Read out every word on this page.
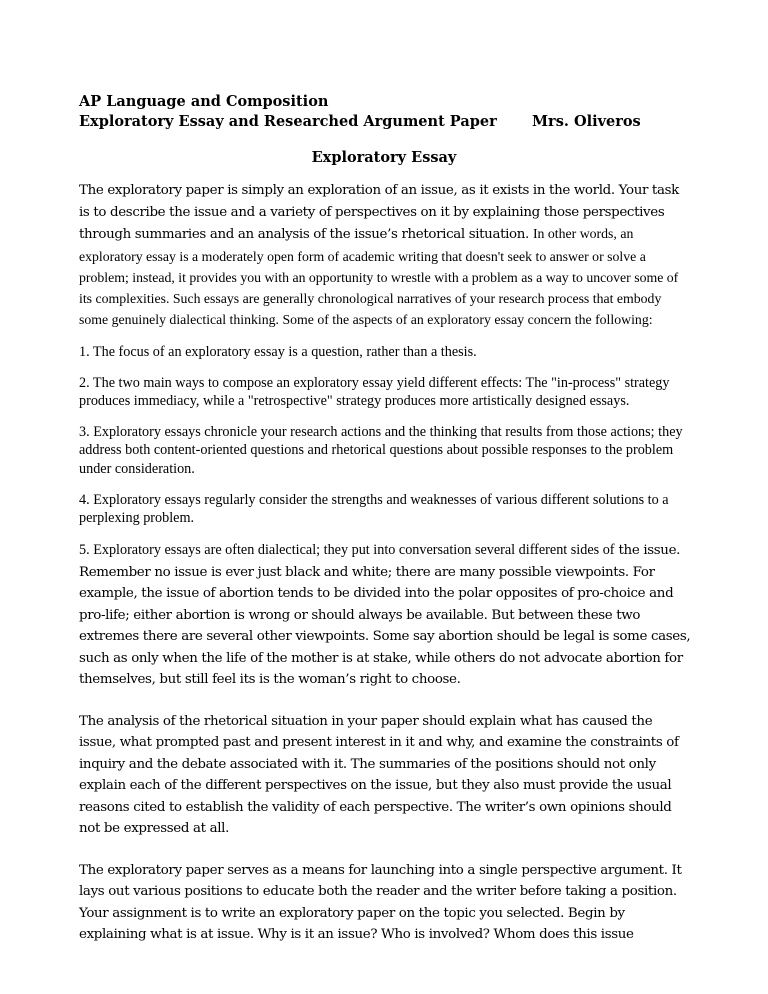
AP Language and Composition
Exploratory Essay and Researched Argument Paper	Mrs. Oliveros
Exploratory Essay

The exploratory paper is simply an exploration of an issue, as it exists in the world. Your task is to describe the issue and a variety of perspectives on it by explaining those perspectives through summaries and an analysis of the issue’s rhetorical situation. In other words, an exploratory essay is a moderately open form of academic writing that doesn't seek to answer or solve a problem; instead, it provides you with an opportunity to wrestle with a problem as a way to uncover some of its complexities. Such essays are generally chronological narratives of your research process that embody some genuinely dialectical thinking. Some of the aspects of an exploratory essay concern the following:

1. The focus of an exploratory essay is a question, rather than a thesis.

2. The two main ways to compose an exploratory essay yield different effects: The "in-process" strategy produces immediacy, while a "retrospective" strategy produces more artistically designed essays.

3. Exploratory essays chronicle your research actions and the thinking that results from those actions; they address both content-oriented questions and rhetorical questions about possible responses to the problem under consideration.

4. Exploratory essays regularly consider the strengths and weaknesses of various different solutions to a perplexing problem.

5. Exploratory essays are often dialectical; they put into conversation several different sides of the issue. Remember no issue is ever just black and white; there are many possible viewpoints. For example, the issue of abortion tends to be divided into the polar opposites of pro-choice and pro-life; either abortion is wrong or should always be available. But between these two extremes there are several other viewpoints. Some say abortion should be legal is some cases, such as only when the life of the mother is at stake, while others do not advocate abortion for themselves, but still feel its is the woman’s right to choose.

The analysis of the rhetorical situation in your paper should explain what has caused the issue, what prompted past and present interest in it and why, and examine the constraints of inquiry and the debate associated with it. The summaries of the positions should not only explain each of the different perspectives on the issue, but they also must provide the usual reasons cited to establish the validity of each perspective. The writer’s own opinions should not be expressed at all.

The exploratory paper serves as a means for launching into a single perspective argument. It lays out various positions to educate both the reader and the writer before taking a position. Your assignment is to write an exploratory paper on the topic you selected. Begin by explaining what is at issue. Why is it an issue? Who is involved? Whom does this issue
